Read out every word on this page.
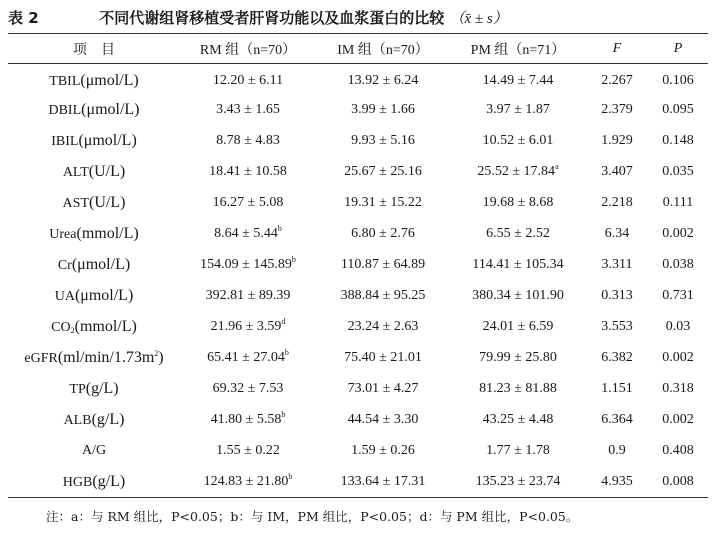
表 2	不同代谢组肾移植受者肝肾功能以及血浆蛋白的比较 （x̄ ± s）
项　目	RM 组（n=70）	IM 组（n=70）	PM 组（n=71）	F	P
TBIL(μmol/L)	12.20 ± 6.11	13.92 ± 6.24	14.49 ± 7.44	2.267	0.106
DBIL(μmol/L)	3.43 ± 1.65	3.99 ± 1.66	3.97 ± 1.87	2.379	0.095
IBIL(μmol/L)	8.78 ± 4.83	9.93 ± 5.16	10.52 ± 6.01	1.929	0.148
ALT(U/L)	18.41 ± 10.58	25.67 ± 25.16	25.52 ± 17.84$^a$	3.407	0.035
AST(U/L)	16.27 ± 5.08	19.31 ± 15.22	19.68 ± 8.68	2.218	0.111
Urea(mmol/L)	8.64 ± 5.44$^b$	6.80 ± 2.76	6.55 ± 2.52	6.34	0.002
Cr(μmol/L)	154.09 ± 145.89$^b$	110.87 ± 64.89	114.41 ± 105.34	3.311	0.038
UA(μmol/L)	392.81 ± 89.39	388.84 ± 95.25	380.34 ± 101.90	0.313	0.731
$CO_2(mmol/L)$	21.96 ± 3.59$^d$	23.24 ± 2.63	24.01 ± 6.59	3.553	0.03
$eGFR(ml/\min/1.73m^2)$	65.41 ± 27.04$^b$	75.40 ± 21.01	79.99 ± 25.80	6.382	0.002
TP(g/L)	69.32 ± 7.53	73.01 ± 4.27	81.23 ± 81.88	1.151	0.318
ALB(g/L)	41.80 ± 5.58$^b$	44.54 ± 3.30	43.25 ± 4.48	6.364	0.002
A/G	1.55 ± 0.22	1.59 ± 0.26	1.77 ± 1.78	0.9	0.408
HGB(g/L)	124.83 ± 21.80$^b$	133.64 ± 17.31	135.23 ± 23.74	4.935	0.008
注：a：与 RM 组比，P<0.05；b：与 IM，PM 组比，P<0.05；d：与 PM 组比，P<0.05。
